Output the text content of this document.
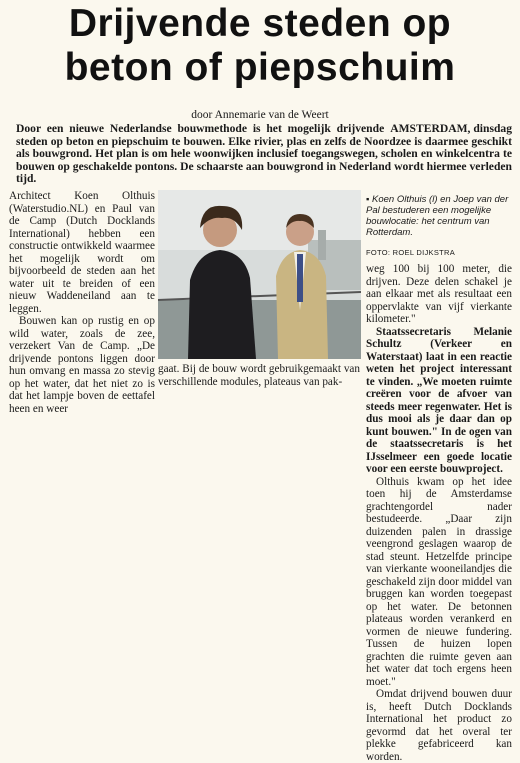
Drijvende steden op
beton of piepschuim
door Annemarie van de Weert
AMSTERDAM, dinsdag
Door een nieuwe Nederlandse bouwmethode is het mogelijk drijvende steden op beton en piepschuim te bouwen. Elke rivier, plas en zelfs de Noordzee is daarmee geschikt als bouwgrond. Het plan is om hele woonwijken inclusief toegangswegen, scholen en winkelcentra te bouwen op geschakelde pontons. De schaarste aan bouwgrond in Nederland wordt hiermee verleden tijd.

Architect Koen Olthuis (Waterstudio.NL) en Paul van de Camp (Dutch Docklands International) hebben een constructie ontwikkeld waarmee het mogelijk wordt om bijvoorbeeld de steden aan het water uit te breiden of een nieuw Waddeneiland aan te leggen.

Bouwen kan op rustig en op wild water, zoals de zee, verzekert Van de Camp. „De drijvende pontons liggen door hun omvang en massa zo stevig op het water, dat het niet zo is dat het lampje boven de eettafel heen en weer

▪ Koen Olthuis (l) en Joep van der Pal bestuderen een mogelijke bouwlocatie: het centrum van Rotterdam.
FOTO: ROEL DIJKSTRA

gaat. Bij de bouw wordt gebruikgemaakt van verschillende modules, plateaus van pak-

weg 100 bij 100 meter, die drijven. Deze delen schakel je aan elkaar met als resultaat een oppervlakte van vijf vierkante kilometer."

Staatssecretaris Melanie Schultz (Verkeer en Waterstaat) laat in een reactie weten het project interessant te vinden. „We moeten ruimte creëren voor de afvoer van steeds meer regenwater. Het is dus mooi als je daar dan op kunt bouwen." In de ogen van de staatssecretaris is het IJsselmeer een goede locatie voor een eerste bouwproject.

Olthuis kwam op het idee toen hij de Amsterdamse grachtengordel nader bestudeerde. „Daar zijn duizenden palen in drassige veengrond geslagen waarop de stad steunt. Hetzelfde principe van vierkante wooneilandjes die geschakeld zijn door middel van bruggen kan worden toegepast op het water. De betonnen plateaus worden verankerd en vormen de nieuwe fundering. Tussen de huizen lopen grachten die ruimte geven aan het water dat toch ergens heen moet."

Omdat drijvend bouwen duur is, heeft Dutch Docklands International het product zo gevormd dat het overal ter plekke gefabriceerd kan worden.
